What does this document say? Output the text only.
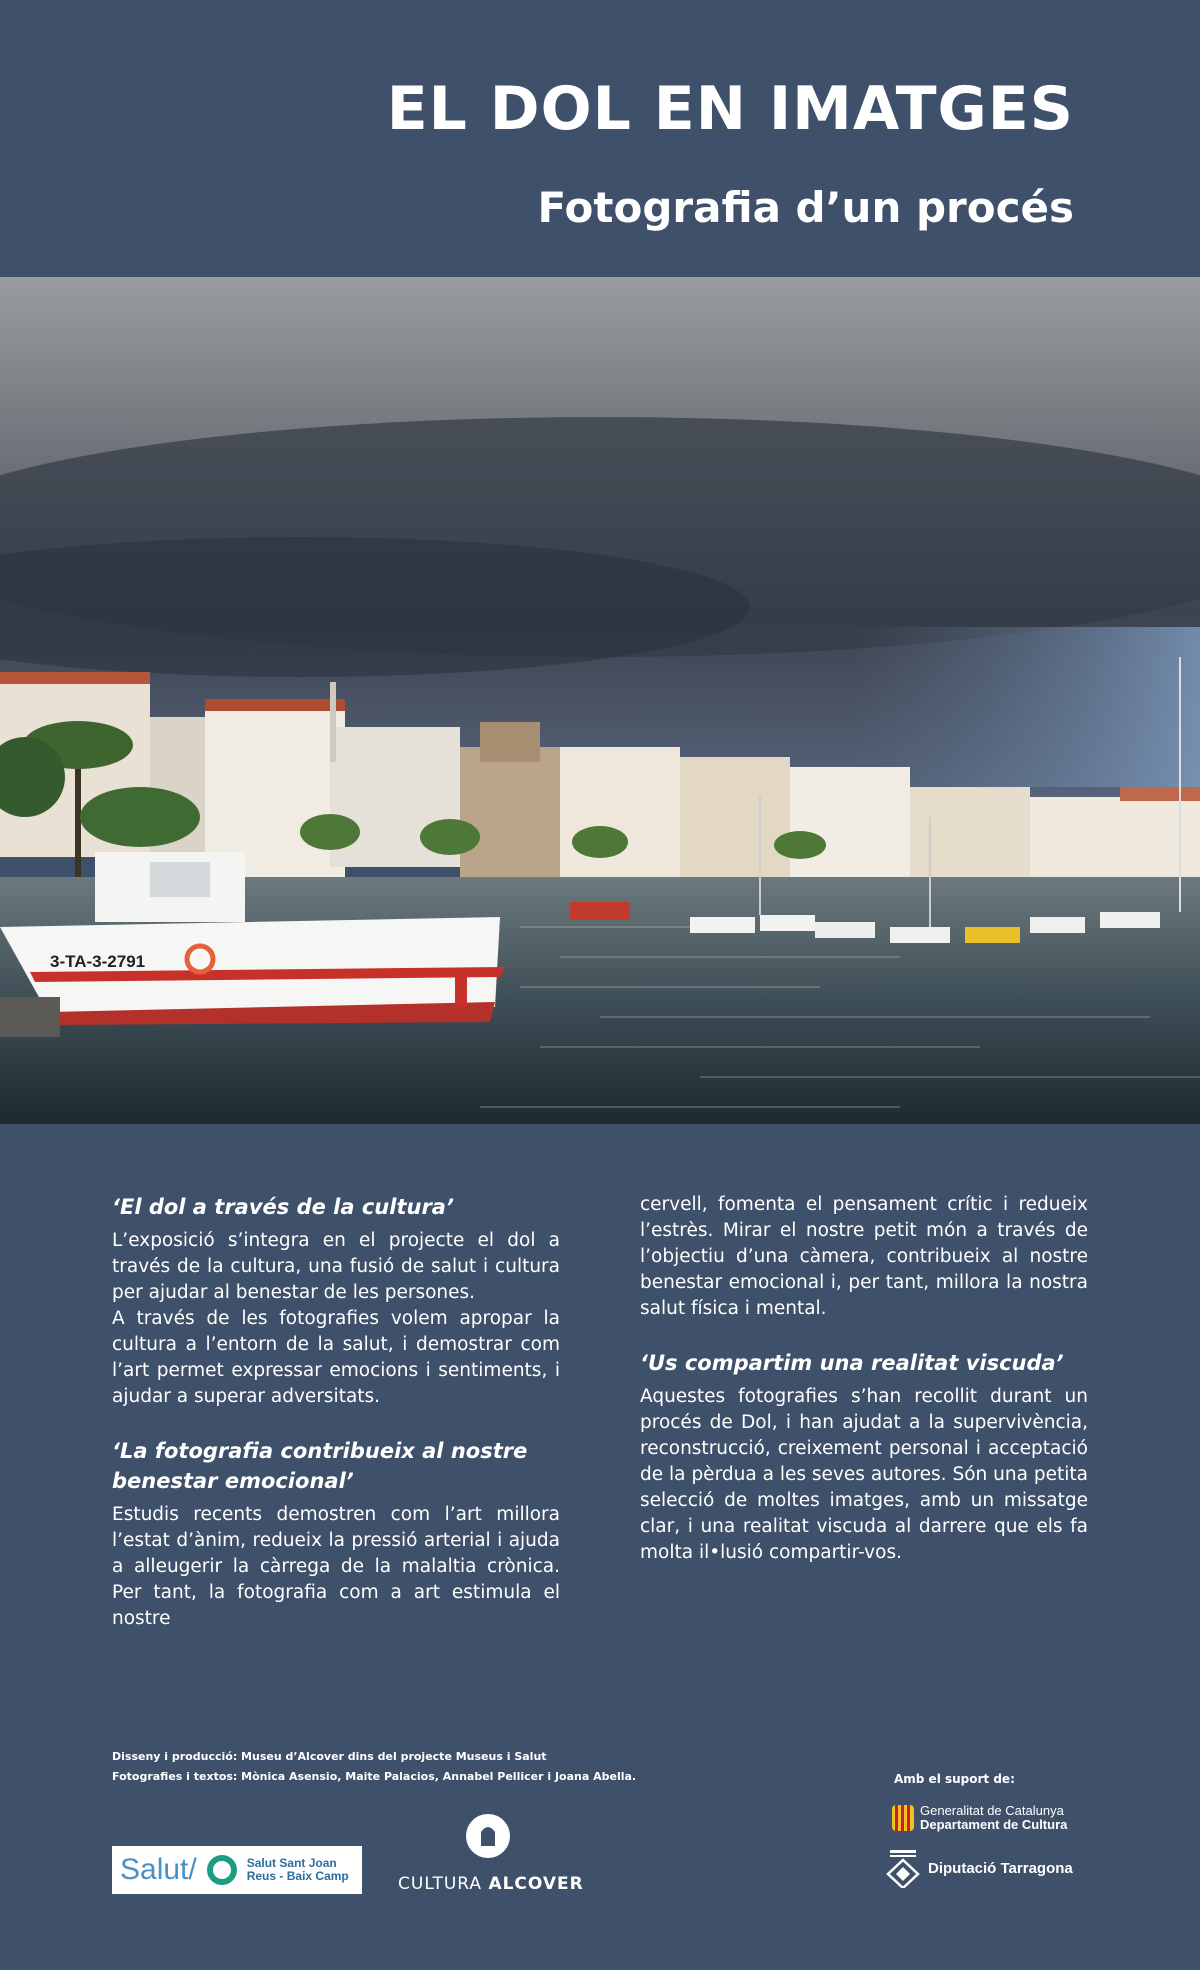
EL DOL EN IMATGES
Fotografia d’un procés
3-TA-3-2791
‘El dol a través de la cultura’

L’exposició s’integra en el projecte el dol a través de la cultura, una fusió de salut i cultura per ajudar al benestar de les persones.

A través de les fotografies volem apropar la cultura a l’entorn de la salut, i demostrar com l’art permet expressar emocions i sentiments, i ajudar a superar adversitats.

‘La fotografia contribueix al nostre benestar emocional’

Estudis recents demostren com l’art millora l’estat d’ànim, redueix la pressió arterial i ajuda a alleugerir la càrrega de la malaltia crònica. Per tant, la fotografia com a art estimula el nostre

cervell, fomenta el pensament crític i redueix l’estrès. Mirar el nostre petit món a través de l’objectiu d’una càmera, contribueix al nostre benestar emocional i, per tant, millora la nostra salut física i mental.

‘Us compartim una realitat viscuda’

Aquestes fotografies s’han recollit durant un procés de Dol, i han ajudat a la supervivència, reconstrucció, creixement personal i acceptació de la pèrdua a les seves autores. Són una petita selecció de moltes imatges, amb un missatge clar, i una realitat viscuda al darrere que els fa molta il•lusió compartir-vos.

Disseny i producció: Museu d’Alcover dins del projecte Museus i Salut
Fotografies i textos: Mònica Asensio, Maite Palacios, Annabel Pellicer i Joana Abella.	Amb el suport de:
Salut/	Salut Sant Joan
Reus - Baix Camp	CULTURA ALCOVER
Generalitat de Catalunya
Departament de Cultura
Diputació Tarragona
